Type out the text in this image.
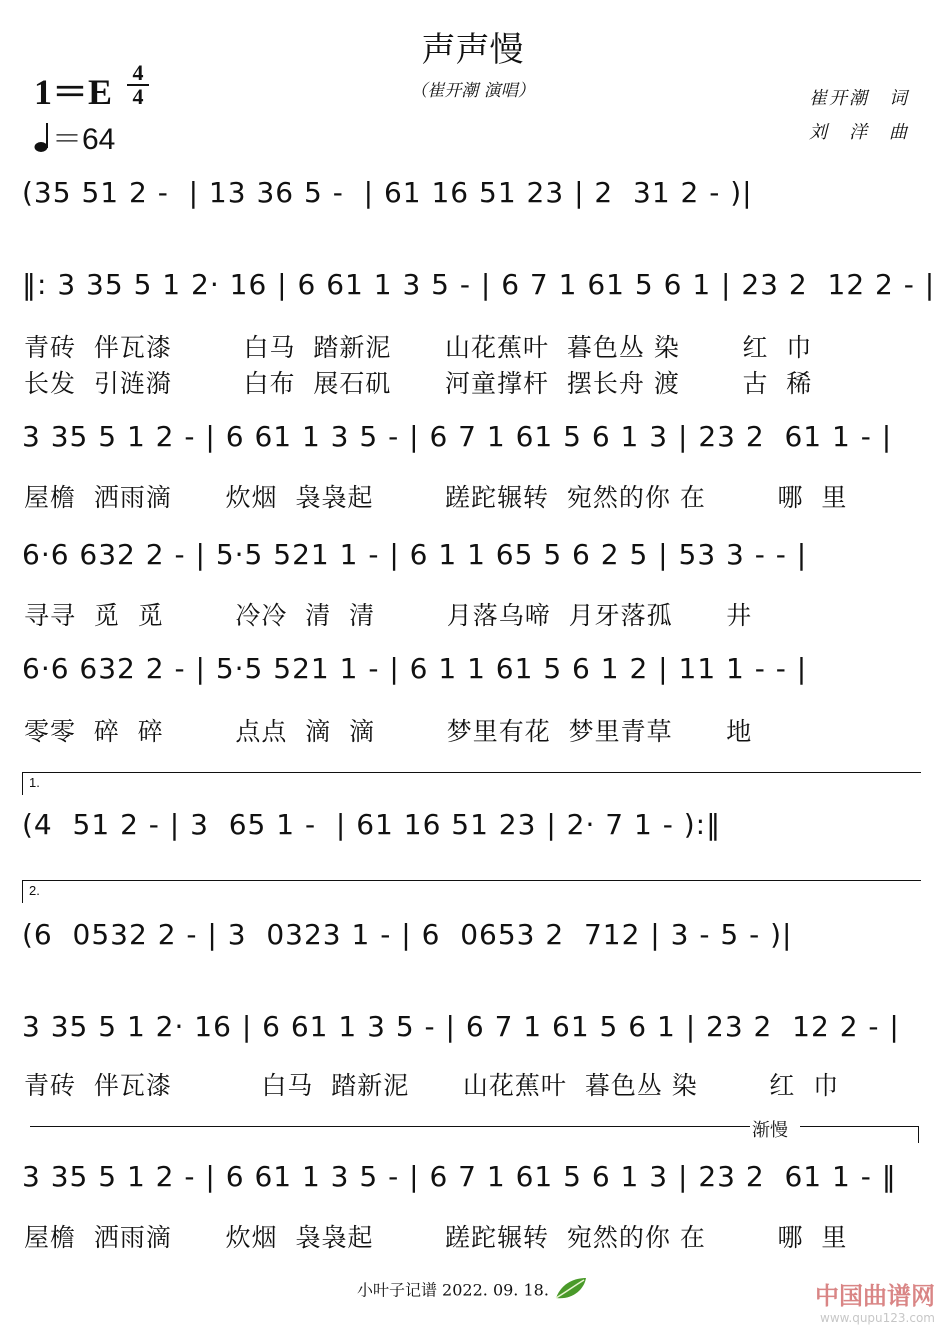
声声慢
（崔开潮 演唱）	崔开潮　词
刘　洋　曲
1＝E 4
4
＝64
(35 51 2 -  | 13 36 5 -  | 61 16 51 23 | 2  31 2 - )|
‖: 3 35 5 1 2· 16 | 6 61 1 3 5 - | 6 7 1 61 5 6 1 | 23 2  12 2 - |
青砖  伴瓦漆        白马  踏新泥      山花蕉叶  暮色丛 染       红  巾
长发  引涟漪        白布  展石矶      河童撑杆  摆长舟 渡       古  稀
3 35 5 1 2 - | 6 61 1 3 5 - | 6 7 1 61 5 6 1 3 | 23 2  61 1 - |
屋檐  洒雨滴      炊烟  袅袅起        蹉跎辗转  宛然的你 在        哪  里
6·6 632 2 - | 5·5 521 1 - | 6 1 1 65 5 6 2 5 | 53 3 - - |
寻寻  觅  觅        冷冷  清  清        月落乌啼  月牙落孤      井
6·6 632 2 - | 5·5 521 1 - | 6 1 1 61 5 6 1 2 | 11 1 - - |
零零  碎  碎        点点  滴  滴        梦里有花  梦里青草      地
1.
(4  51 2 - | 3  65 1 -  | 61 16 51 23 | 2· 7 1 - ):‖
2.
(6  0532 2 - | 3  0323 1 - | 6  0653 2  712 | 3 - 5 - )|
3 35 5 1 2· 16 | 6 61 1 3 5 - | 6 7 1 61 5 6 1 | 23 2  12 2 - |
青砖  伴瓦漆          白马  踏新泥      山花蕉叶  暮色丛 染        红  巾
渐慢
3 35 5 1 2 - | 6 61 1 3 5 - | 6 7 1 61 5 6 1 3 | 23 2  61 1 - ‖
屋檐  洒雨滴      炊烟  袅袅起        蹉跎辗转  宛然的你 在        哪  里
小叶子记谱 2022. 09. 18.	中国曲谱网
www.qupu123.com
